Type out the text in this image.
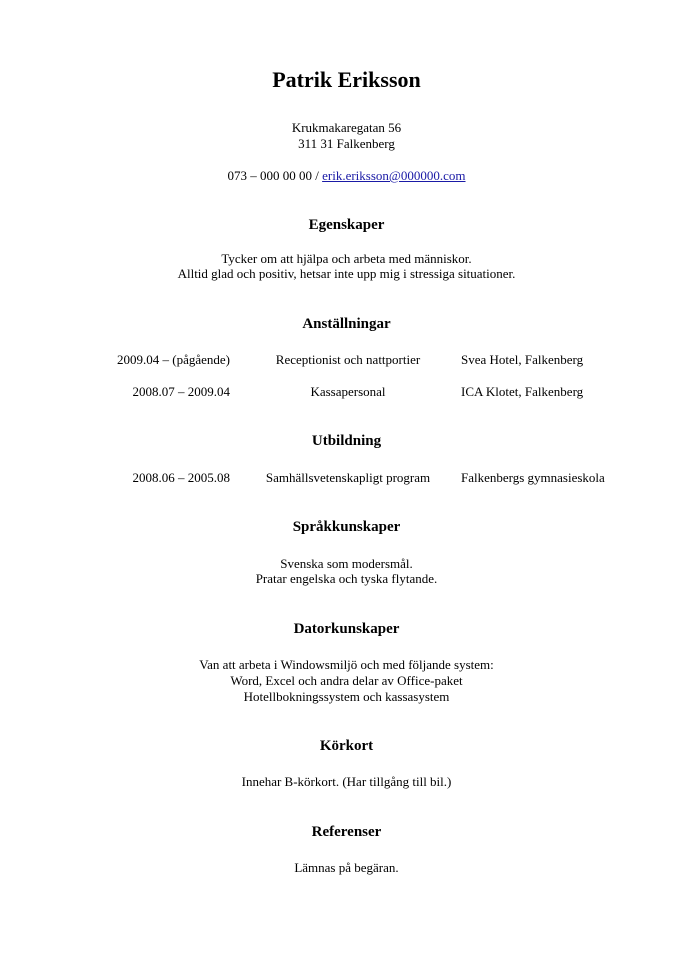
Patrik Eriksson
Krukmakaregatan 56
311 31 Falkenberg
073 – 000 00 00 / erik.eriksson@000000.com
Egenskaper
Tycker om att hjälpa och arbeta med människor.
Alltid glad och positiv, hetsar inte upp mig i stressiga situationer.
Anställningar
2009.04 – (pågående)	Receptionist och nattportier	Svea Hotel, Falkenberg
2008.07 – 2009.04	Kassapersonal	ICA Klotet, Falkenberg
Utbildning
2008.06 – 2005.08	Samhällsvetenskapligt program	Falkenbergs gymnasieskola
Språkkunskaper
Svenska som modersmål.
Pratar engelska och tyska flytande.
Datorkunskaper
Van att arbeta i Windowsmiljö och med följande system:
Word, Excel och andra delar av Office-paket
Hotellbokningssystem och kassasystem
Körkort
Innehar B-körkort. (Har tillgång till bil.)
Referenser
Lämnas på begäran.
